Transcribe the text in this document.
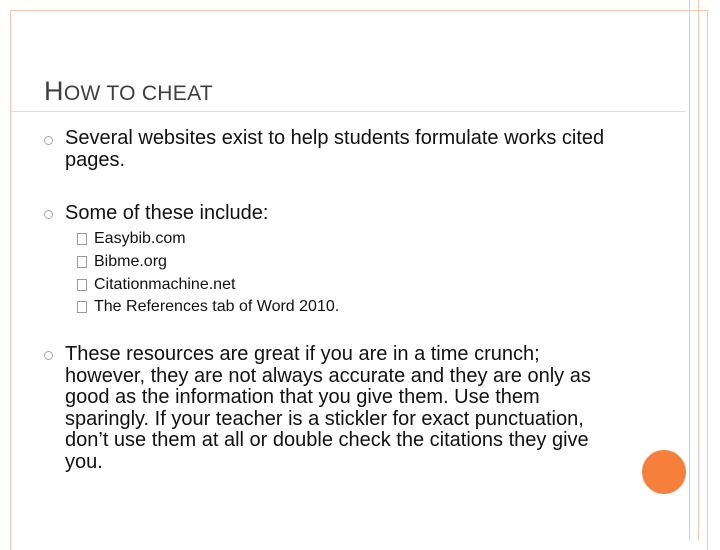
HOW TO CHEAT
Several websites exist to help students formulate works cited pages.
Some of these include:
Easybib.com
Bibme.org
Citationmachine.net
The References tab of Word 2010.
These resources are great if you are in a time crunch; however, they are not always accurate and they are only as good as the information that you give them. Use them sparingly. If your teacher is a stickler for exact punctuation, don’t use them at all or double check the citations they give you.
